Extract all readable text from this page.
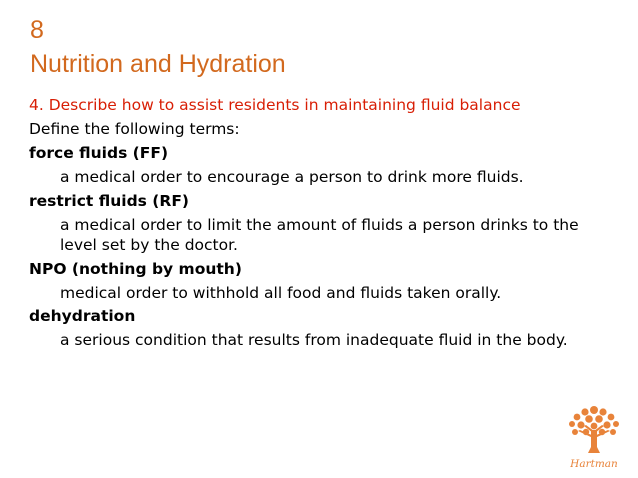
8
Nutrition and Hydration
4. Describe how to assist residents in maintaining fluid balance
Define the following terms:
force fluids (FF)
a medical order to encourage a person to drink more fluids.
restrict fluids (RF)
a medical order to limit the amount of fluids a person drinks to the level set by the doctor.
NPO (nothing by mouth)
medical order to withhold all food and fluids taken orally.
dehydration
a serious condition that results from inadequate fluid in the body.
Hartman
